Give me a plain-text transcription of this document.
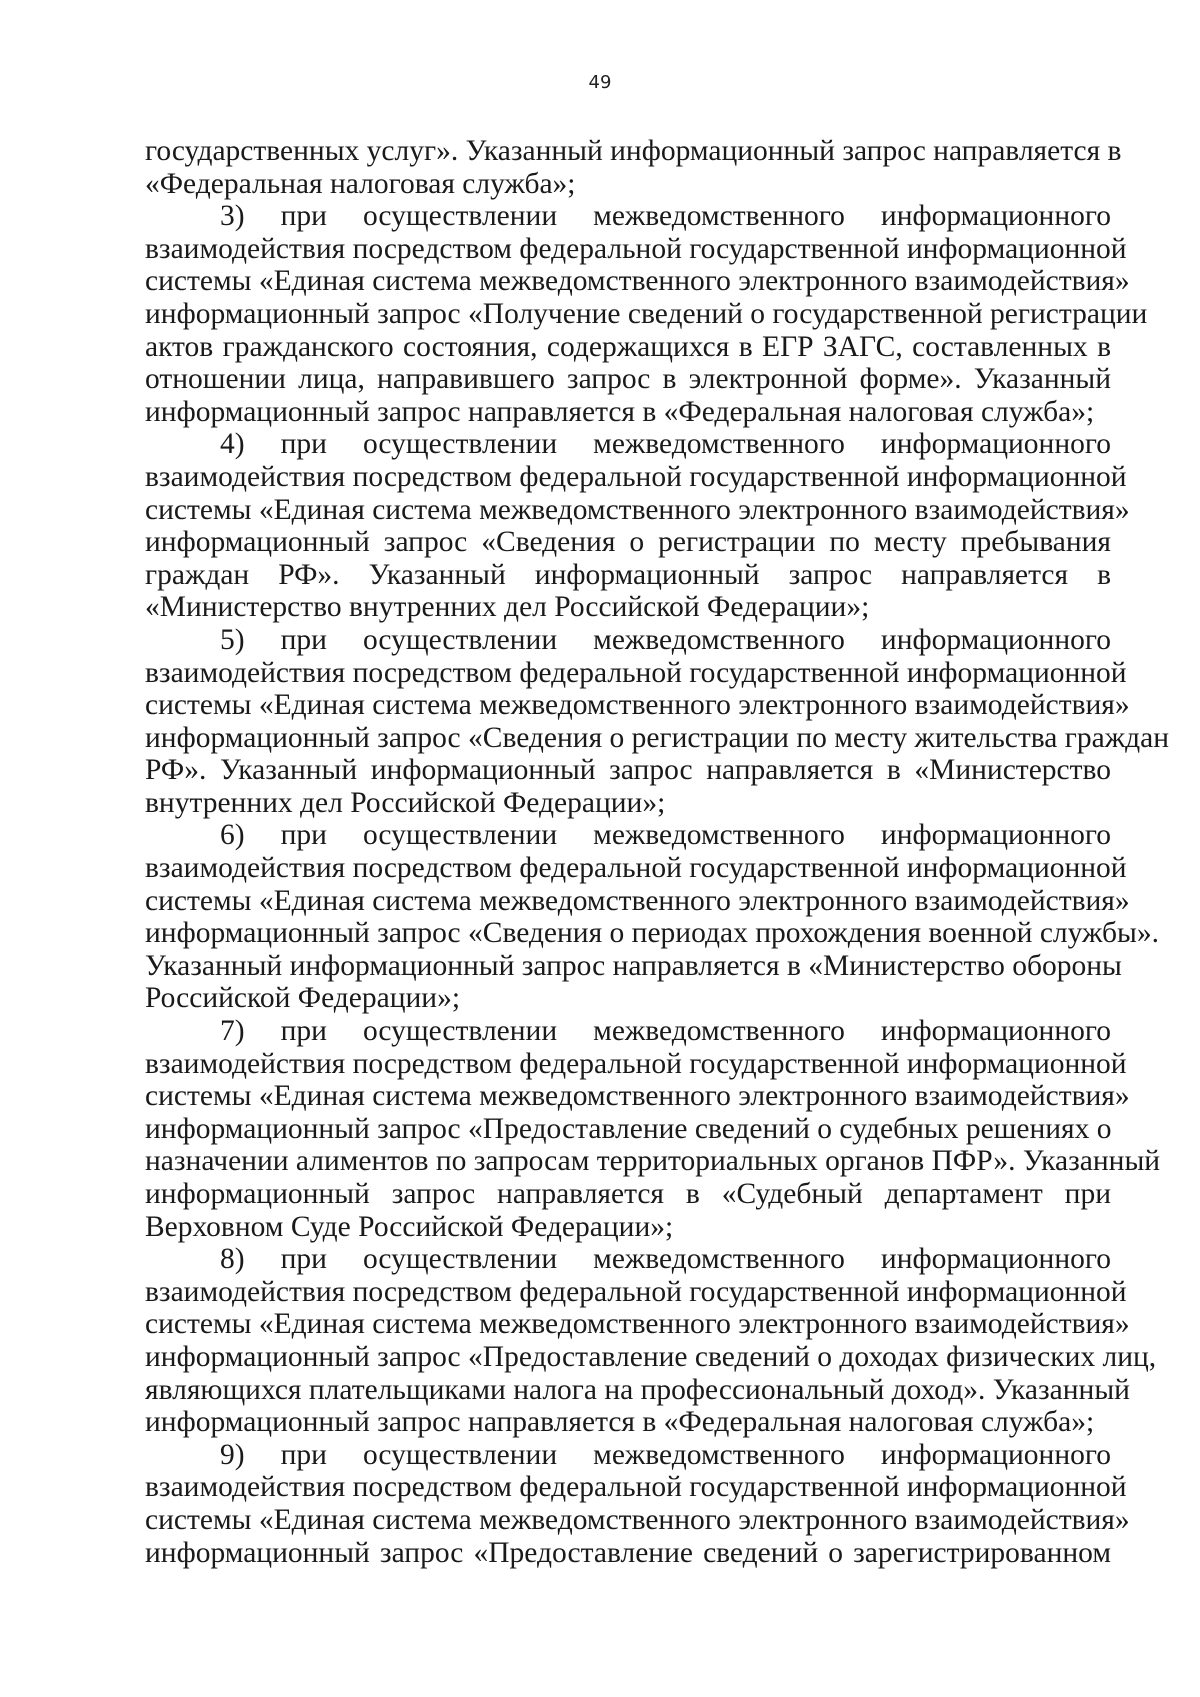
49
государственных услуг». Указанный информационный запрос направляется в
«Федеральная налоговая служба»;
3) при осуществлении межведомственного информационного
взаимодействия посредством федеральной государственной информационной
системы «Единая система межведомственного электронного взаимодействия»
информационный запрос «Получение сведений о государственной регистрации
актов гражданского состояния, содержащихся в ЕГР ЗАГС, составленных в
отношении лица, направившего запрос в электронной форме». Указанный
информационный запрос направляется в «Федеральная налоговая служба»;
4) при осуществлении межведомственного информационного
взаимодействия посредством федеральной государственной информационной
системы «Единая система межведомственного электронного взаимодействия»
информационный запрос «Сведения о регистрации по месту пребывания
граждан РФ». Указанный информационный запрос направляется в
«Министерство внутренних дел Российской Федерации»;
5) при осуществлении межведомственного информационного
взаимодействия посредством федеральной государственной информационной
системы «Единая система межведомственного электронного взаимодействия»
информационный запрос «Сведения о регистрации по месту жительства граждан
РФ». Указанный информационный запрос направляется в «Министерство
внутренних дел Российской Федерации»;
6) при осуществлении межведомственного информационного
взаимодействия посредством федеральной государственной информационной
системы «Единая система межведомственного электронного взаимодействия»
информационный запрос «Сведения о периодах прохождения военной службы».
Указанный информационный запрос направляется в «Министерство обороны
Российской Федерации»;
7) при осуществлении межведомственного информационного
взаимодействия посредством федеральной государственной информационной
системы «Единая система межведомственного электронного взаимодействия»
информационный запрос «Предоставление сведений о судебных решениях о
назначении алиментов по запросам территориальных органов ПФР». Указанный
информационный запрос направляется в «Судебный департамент при
Верховном Суде Российской Федерации»;
8) при осуществлении межведомственного информационного
взаимодействия посредством федеральной государственной информационной
системы «Единая система межведомственного электронного взаимодействия»
информационный запрос «Предоставление сведений о доходах физических лиц,
являющихся плательщиками налога на профессиональный доход». Указанный
информационный запрос направляется в «Федеральная налоговая служба»;
9) при осуществлении межведомственного информационного
взаимодействия посредством федеральной государственной информационной
системы «Единая система межведомственного электронного взаимодействия»
информационный запрос «Предоставление сведений о зарегистрированном
